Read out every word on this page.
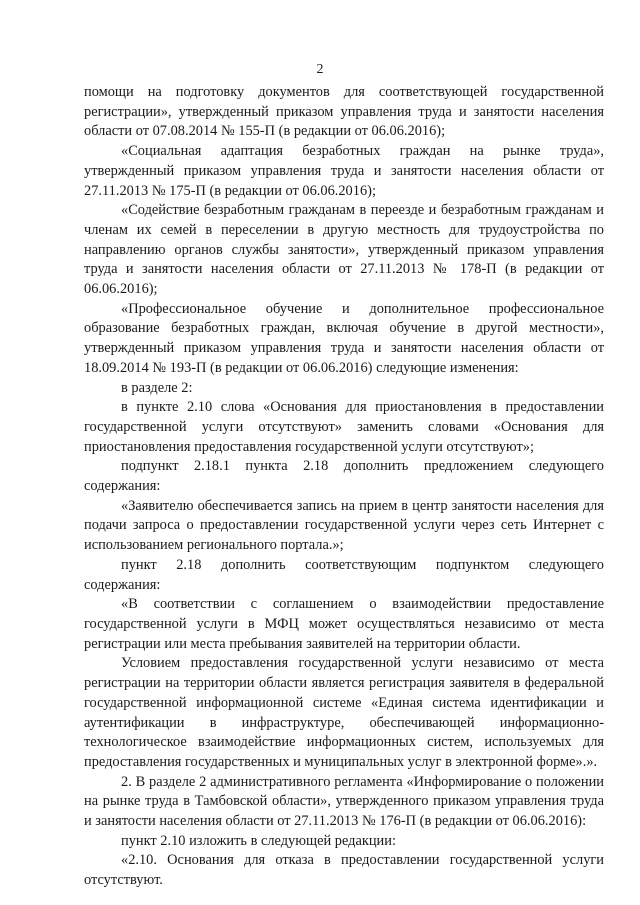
2

помощи на подготовку документов для соответствующей государственной регистрации», утвержденный приказом управления труда и занятости населения области от 07.08.2014 № 155-П (в редакции от 06.06.2016);

«Социальная адаптация безработных граждан на рынке труда», утвержденный приказом управления труда и занятости населения области от 27.11.2013 № 175-П (в редакции от 06.06.2016);

«Содействие безработным гражданам в переезде и безработным гражданам и членам их семей в переселении в другую местность для трудоустройства по направлению органов службы занятости», утвержденный приказом управления труда и занятости населения области от 27.11.2013 № 178-П (в редакции от 06.06.2016);

«Профессиональное обучение и дополнительное профессиональное образование безработных граждан, включая обучение в другой местности», утвержденный приказом управления труда и занятости населения области от 18.09.2014 № 193-П (в редакции от 06.06.2016) следующие изменения:

в разделе 2:

в пункте 2.10 слова «Основания для приостановления в предоставлении государственной услуги отсутствуют» заменить словами «Основания для приостановления предоставления государственной услуги отсутствуют»;

подпункт 2.18.1 пункта 2.18 дополнить предложением следующего содержания:

«Заявителю обеспечивается запись на прием в центр занятости населения для подачи запроса о предоставлении государственной услуги через сеть Интернет с использованием регионального портала.»;

пункт 2.18 дополнить соответствующим подпунктом следующего содержания:

«В соответствии с соглашением о взаимодействии предоставление государственной услуги в МФЦ может осуществляться независимо от места регистрации или места пребывания заявителей на территории области.

Условием предоставления государственной услуги независимо от места регистрации на территории области является регистрация заявителя в федеральной государственной информационной системе «Единая система идентификации и аутентификации в инфраструктуре, обеспечивающей информационно-технологическое взаимодействие информационных систем, используемых для предоставления государственных и муниципальных услуг в электронной форме».».

2. В разделе 2 административного регламента «Информирование о положении на рынке труда в Тамбовской области», утвержденного приказом управления труда и занятости населения области от 27.11.2013 № 176-П (в редакции от 06.06.2016):

пункт 2.10 изложить в следующей редакции:

«2.10. Основания для отказа в предоставлении государственной услуги отсутствуют.
